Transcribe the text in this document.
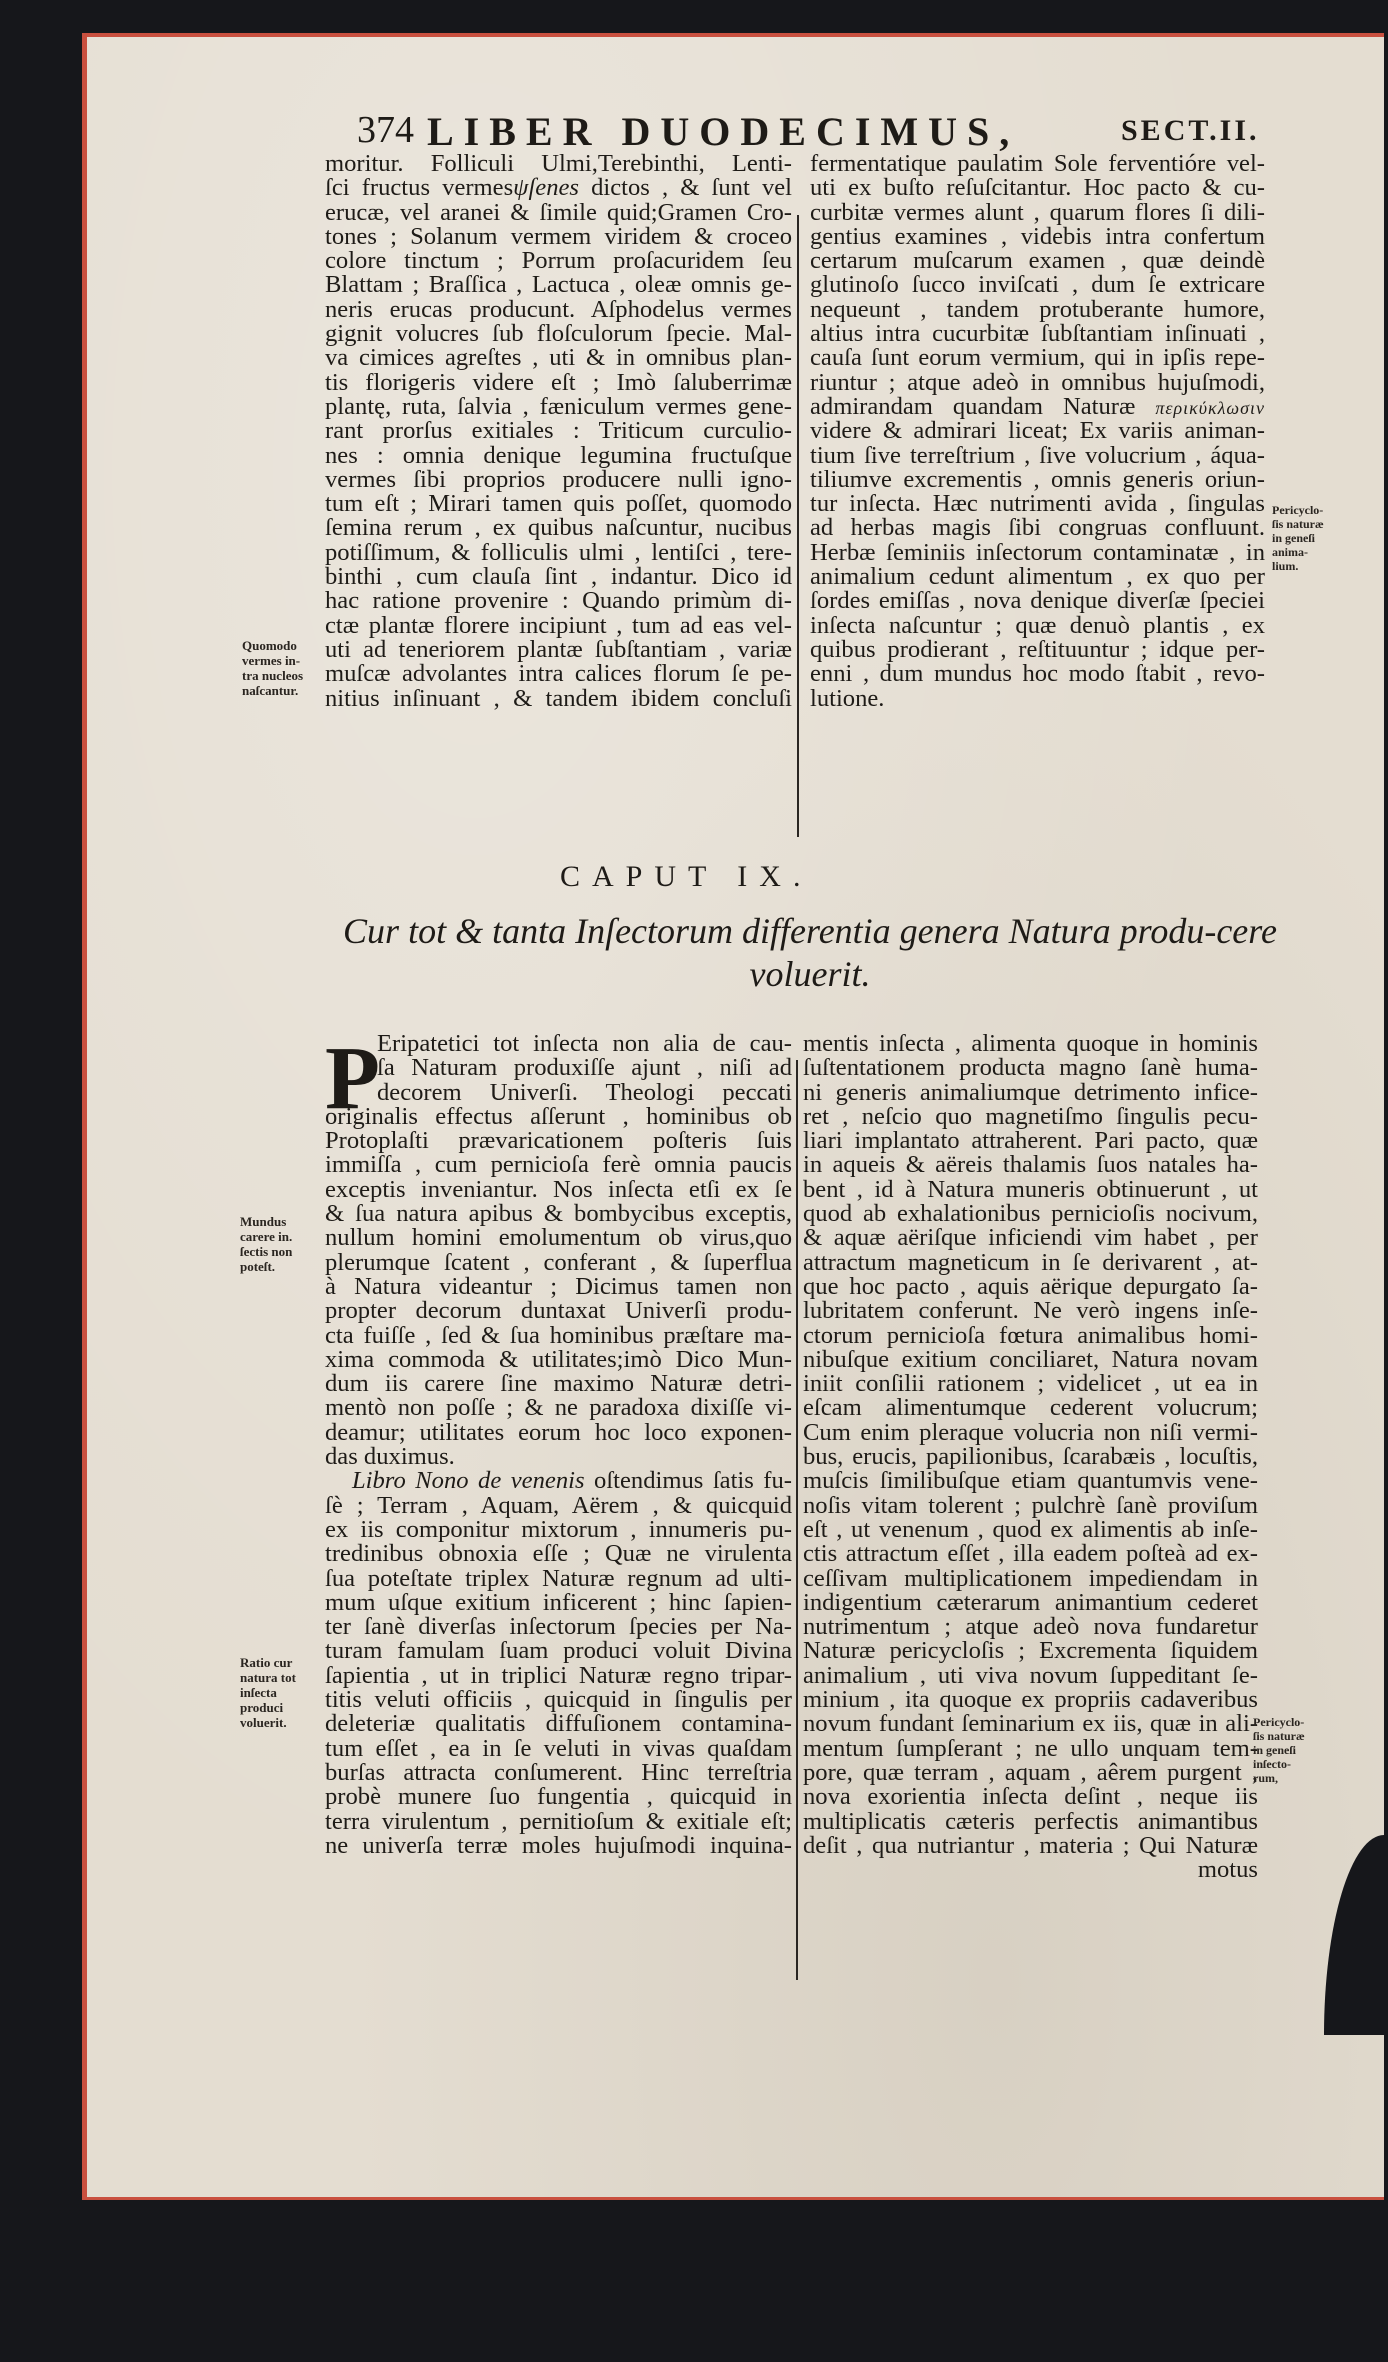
374 LIBER DUODECIMUS,	SECT.II.
moritur. Folliculi Ulmi,Terebinthi, Lenti-
ſci fructus vermesψſenes dictos , & ſunt vel
erucæ, vel aranei & ſimile quid;Gramen Cro-
tones ; Solanum vermem viridem & croceo
colore tinctum ; Porrum proſacuridem ſeu
Blattam ; Braſſica , Lactuca , oleæ omnis ge-
neris erucas producunt. Aſphodelus vermes
gignit volucres ſub floſculorum ſpecie. Mal-
va cimices agreſtes , uti & in omnibus plan-
tis florigeris videre eſt ; Imò ſaluberrimæ
plantę, ruta, ſalvia , fæniculum vermes gene-
rant prorſus exitiales : Triticum curculio-
nes : omnia denique legumina fructuſque
vermes ſibi proprios producere nulli igno-
tum eſt ; Mirari tamen quis poſſet, quomodo
ſemina rerum , ex quibus naſcuntur, nucibus
potiſſimum, & folliculis ulmi , lentiſci , tere-
binthi , cum clauſa ſint , indantur. Dico id
hac ratione provenire : Quando primùm di-
ctæ plantæ florere incipiunt , tum ad eas vel-
uti ad teneriorem plantæ ſubſtantiam , variæ
muſcæ advolantes intra calices florum ſe pe-
nitius inſinuant , & tandem ibidem concluſi
fermentatique paulatim Sole ferventióre vel-
uti ex buſto reſuſcitantur. Hoc pacto & cu-
curbitæ vermes alunt , quarum flores ſi dili-
gentius examines , videbis intra confertum
certarum muſcarum examen , quæ deindè
glutinoſo ſucco inviſcati , dum ſe extricare
nequeunt , tandem protuberante humore,
altius intra cucurbitæ ſubſtantiam inſinuati ,
cauſa ſunt eorum vermium, qui in ipſis repe-
riuntur ; atque adeò in omnibus hujuſmodi,
admirandam quandam Naturæ περικύκλωσιν
videre & admirari liceat; Ex variis animan-
tium ſive terreſtrium , ſive volucrium , áqua-
tiliumve excrementis , omnis generis oriun-
tur inſecta. Hæc nutrimenti avida , ſingulas
ad herbas magis ſibi congruas confluunt.
Herbæ ſeminiis inſectorum contaminatæ , in
animalium cedunt alimentum , ex quo per
ſordes emiſſas , nova denique diverſæ ſpeciei
inſecta naſcuntur ; quæ denuò plantis , ex
quibus prodierant , reſtituuntur ; idque per-
enni , dum mundus hoc modo ſtabit , revo-
lutione.
Quomodo
vermes in-
tra nucleos
naſcantur.
Pericyclo-
ſis naturæ
in geneſi
anima-
lium.
CAPUT IX.
Cur tot & tanta Inſectorum differentia genera Natura produ-cere voluerit.
P
Eripatetici tot inſecta non alia de cau-
ſa Naturam produxiſſe ajunt , niſi ad
decorem Univerſi. Theologi peccati
originalis effectus aſſerunt , hominibus ob
Protoplaſti prævaricationem poſteris ſuis
immiſſa , cum pernicioſa ferè omnia paucis
exceptis inveniantur. Nos inſecta etſi ex ſe
& ſua natura apibus & bombycibus exceptis,
nullum homini emolumentum ob virus,quo
plerumque ſcatent , conferant , & ſuperflua
à Natura videantur ; Dicimus tamen non
propter decorum duntaxat Univerſi produ-
cta fuiſſe , ſed & ſua hominibus præſtare ma-
xima commoda & utilitates;imò Dico Mun-
dum iis carere ſine maximo Naturæ detri-
mentò non poſſe ; & ne paradoxa dixiſſe vi-
deamur; utilitates eorum hoc loco exponen-
das duximus.
Libro Nono de venenis oſtendimus ſatis fu-
ſè ; Terram , Aquam, Aërem , & quicquid
ex iis componitur mixtorum , innumeris pu-
tredinibus obnoxia eſſe ; Quæ ne virulenta
ſua poteſtate triplex Naturæ regnum ad ulti-
mum uſque exitium inficerent ; hinc ſapien-
ter ſanè diverſas inſectorum ſpecies per Na-
turam famulam ſuam produci voluit Divina
ſapientia , ut in triplici Naturæ regno tripar-
titis veluti officiis , quicquid in ſingulis per
deleteriæ qualitatis diffuſionem contamina-
tum eſſet , ea in ſe veluti in vivas quaſdam
burſas attracta conſumerent. Hinc terreſtria
probè munere ſuo fungentia , quicquid in
terra virulentum , pernitioſum & exitiale eſt;
ne univerſa terræ moles hujuſmodi inquina-
mentis inſecta , alimenta quoque in hominis
ſuſtentationem producta magno ſanè huma-
ni generis animaliumque detrimento infice-
ret , neſcio quo magnetiſmo ſingulis pecu-
liari implantato attraherent. Pari pacto, quæ
in aqueis & aëreis thalamis ſuos natales ha-
bent , id à Natura muneris obtinuerunt , ut
quod ab exhalationibus pernicioſis nocivum,
& aquæ aëriſque inficiendi vim habet , per
attractum magneticum in ſe derivarent , at-
que hoc pacto , aquis aërique depurgato ſa-
lubritatem conferunt. Ne verò ingens inſe-
ctorum pernicioſa fœtura animalibus homi-
nibuſque exitium conciliaret, Natura novam
iniit conſilii rationem ; videlicet , ut ea in
eſcam alimentumque cederent volucrum;
Cum enim pleraque volucria non niſi vermi-
bus, erucis, papilionibus, ſcarabæis , locuſtis,
muſcis ſimilibuſque etiam quantumvis vene-
noſis vitam tolerent ; pulchrè ſanè proviſum
eſt , ut venenum , quod ex alimentis ab inſe-
ctis attractum eſſet , illa eadem poſteà ad ex-
ceſſivam multiplicationem impediendam in
indigentium cæterarum animantium cederet
nutrimentum ; atque adeò nova fundaretur
Naturæ pericycloſis ; Excrementa ſiquidem
animalium , uti viva novum ſuppeditant ſe-
minium , ita quoque ex propriis cadaveribus
novum fundant ſeminarium ex iis, quæ in ali-
mentum ſumpſerant ; ne ullo unquam tem-
pore, quæ terram , aquam , aêrem purgent ,
nova exorientia inſecta deſint , neque iis
multiplicatis cæteris perfectis animantibus
deſit , qua nutriantur , materia ; Qui Naturæ
motus
Mundus
carere in.
ſectis non
poteſt.
Ratio cur
natura tot
inſecta
produci
voluerit.	Pericyclo-
ſis naturæ
in geneſi
inſecto-
rum,
